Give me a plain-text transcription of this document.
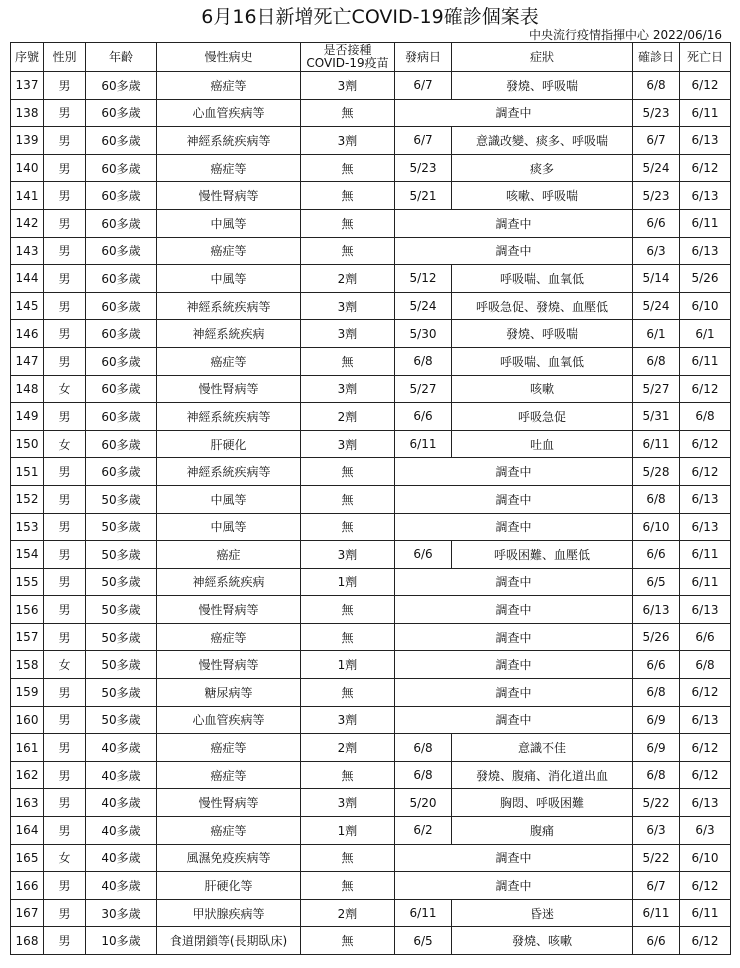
6月16日新增死亡COVID-19確診個案表
中央流行疫情指揮中心 2022/06/16
序號	性別	年齡	慢性病史	是否接種COVID-19疫苗	發病日	症狀	確診日	死亡日
137	男	60多歲	癌症等	3劑	6/7	發燒、呼吸喘	6/8	6/12
138	男	60多歲	心血管疾病等	無	調查中		5/23	6/11
139	男	60多歲	神經系統疾病等	3劑	6/7	意識改變、痰多、呼吸喘	6/7	6/13
140	男	60多歲	癌症等	無	5/23	痰多	5/24	6/12
141	男	60多歲	慢性腎病等	無	5/21	咳嗽、呼吸喘	5/23	6/13
142	男	60多歲	中風等	無	調查中		6/6	6/11
143	男	60多歲	癌症等	無	調查中		6/3	6/13
144	男	60多歲	中風等	2劑	5/12	呼吸喘、血氧低	5/14	5/26
145	男	60多歲	神經系統疾病等	3劑	5/24	呼吸急促、發燒、血壓低	5/24	6/10
146	男	60多歲	神經系統疾病	3劑	5/30	發燒、呼吸喘	6/1	6/1
147	男	60多歲	癌症等	無	6/8	呼吸喘、血氧低	6/8	6/11
148	女	60多歲	慢性腎病等	3劑	5/27	咳嗽	5/27	6/12
149	男	60多歲	神經系統疾病等	2劑	6/6	呼吸急促	5/31	6/8
150	女	60多歲	肝硬化	3劑	6/11	吐血	6/11	6/12
151	男	60多歲	神經系統疾病等	無	調查中		5/28	6/12
152	男	50多歲	中風等	無	調查中		6/8	6/13
153	男	50多歲	中風等	無	調查中		6/10	6/13
154	男	50多歲	癌症	3劑	6/6	呼吸困難、血壓低	6/6	6/11
155	男	50多歲	神經系統疾病	1劑	調查中		6/5	6/11
156	男	50多歲	慢性腎病等	無	調查中		6/13	6/13
157	男	50多歲	癌症等	無	調查中		5/26	6/6
158	女	50多歲	慢性腎病等	1劑	調查中		6/6	6/8
159	男	50多歲	糖尿病等	無	調查中		6/8	6/12
160	男	50多歲	心血管疾病等	3劑	調查中		6/9	6/13
161	男	40多歲	癌症等	2劑	6/8	意識不佳	6/9	6/12
162	男	40多歲	癌症等	無	6/8	發燒、腹痛、消化道出血	6/8	6/12
163	男	40多歲	慢性腎病等	3劑	5/20	胸悶、呼吸困難	5/22	6/13
164	男	40多歲	癌症等	1劑	6/2	腹痛	6/3	6/3
165	女	40多歲	風濕免疫疾病等	無	調查中		5/22	6/10
166	男	40多歲	肝硬化等	無	調查中		6/7	6/12
167	男	30多歲	甲狀腺疾病等	2劑	6/11	昏迷	6/11	6/11
168	男	10多歲	食道閉鎖等(長期臥床)	無	6/5	發燒、咳嗽	6/6	6/12
